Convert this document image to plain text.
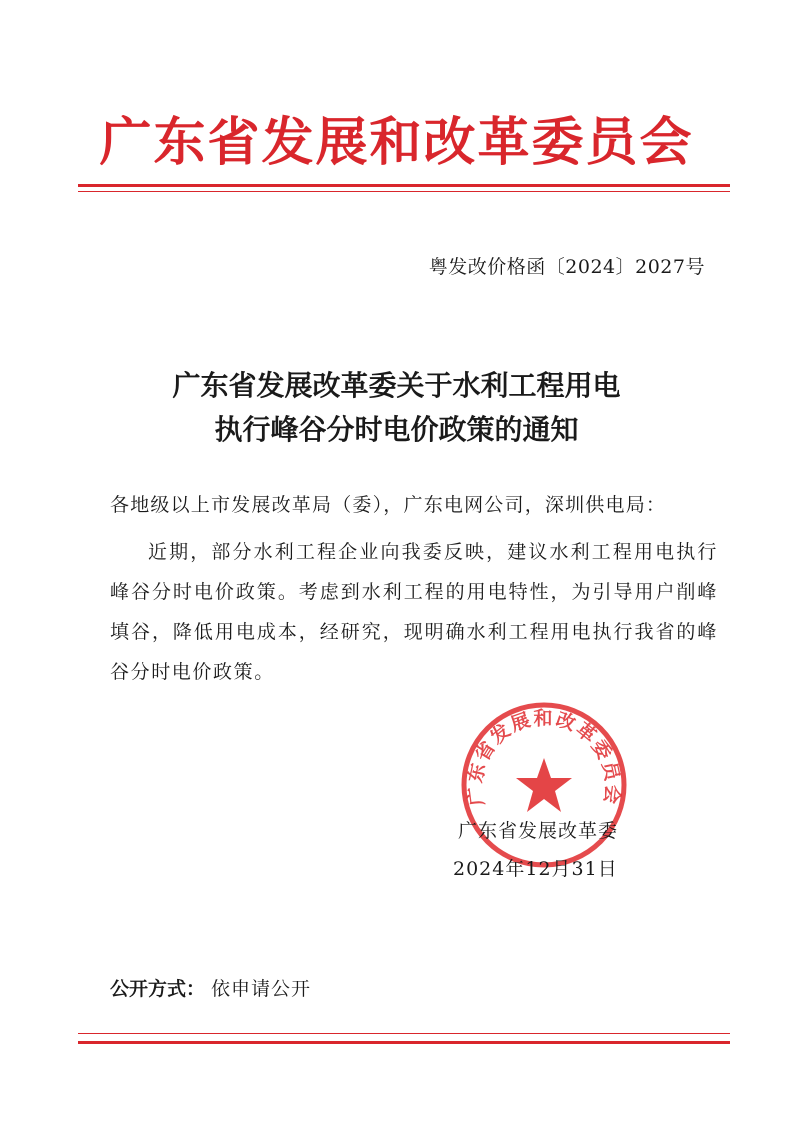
广东省发展和改革委员会
粤发改价格函〔2024〕2027号
广东省发展改革委关于水利工程用电
执行峰谷分时电价政策的通知
各地级以上市发展改革局（委），广东电网公司，深圳供电局：
近期，部分水利工程企业向我委反映，建议水利工程用电执行峰谷分时电价政策。考虑到水利工程的用电特性，为引导用户削峰填谷，降低用电成本，经研究，现明确水利工程用电执行我省的峰谷分时电价政策。
广东省发展和改革委员会
广东省发展改革委
2024年12月31日
公开方式： 依申请公开
